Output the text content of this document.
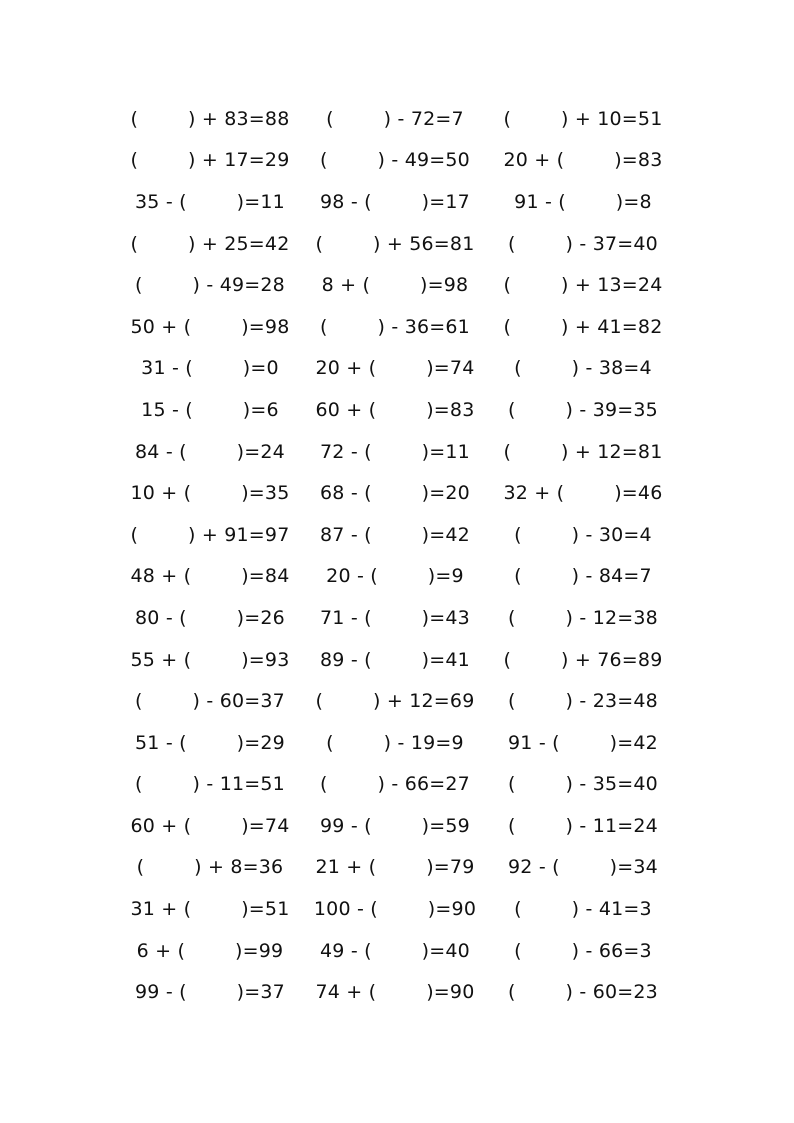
(        ) + 83=88	(        ) - 72=7	(        ) + 10=51
(        ) + 17=29	(        ) - 49=50	20 + (        )=83
35 - (        )=11	98 - (        )=17	91 - (        )=8
(        ) + 25=42	(        ) + 56=81	(        ) - 37=40
(        ) - 49=28	8 + (        )=98	(        ) + 13=24
50 + (        )=98	(        ) - 36=61	(        ) + 41=82
31 - (        )=0	20 + (        )=74	(        ) - 38=4
15 - (        )=6	60 + (        )=83	(        ) - 39=35
84 - (        )=24	72 - (        )=11	(        ) + 12=81
10 + (        )=35	68 - (        )=20	32 + (        )=46
(        ) + 91=97	87 - (        )=42	(        ) - 30=4
48 + (        )=84	20 - (        )=9	(        ) - 84=7
80 - (        )=26	71 - (        )=43	(        ) - 12=38
55 + (        )=93	89 - (        )=41	(        ) + 76=89
(        ) - 60=37	(        ) + 12=69	(        ) - 23=48
51 - (        )=29	(        ) - 19=9	91 - (        )=42
(        ) - 11=51	(        ) - 66=27	(        ) - 35=40
60 + (        )=74	99 - (        )=59	(        ) - 11=24
(        ) + 8=36	21 + (        )=79	92 - (        )=34
31 + (        )=51	100 - (        )=90	(        ) - 41=3
6 + (        )=99	49 - (        )=40	(        ) - 66=3
99 - (        )=37	74 + (        )=90	(        ) - 60=23
